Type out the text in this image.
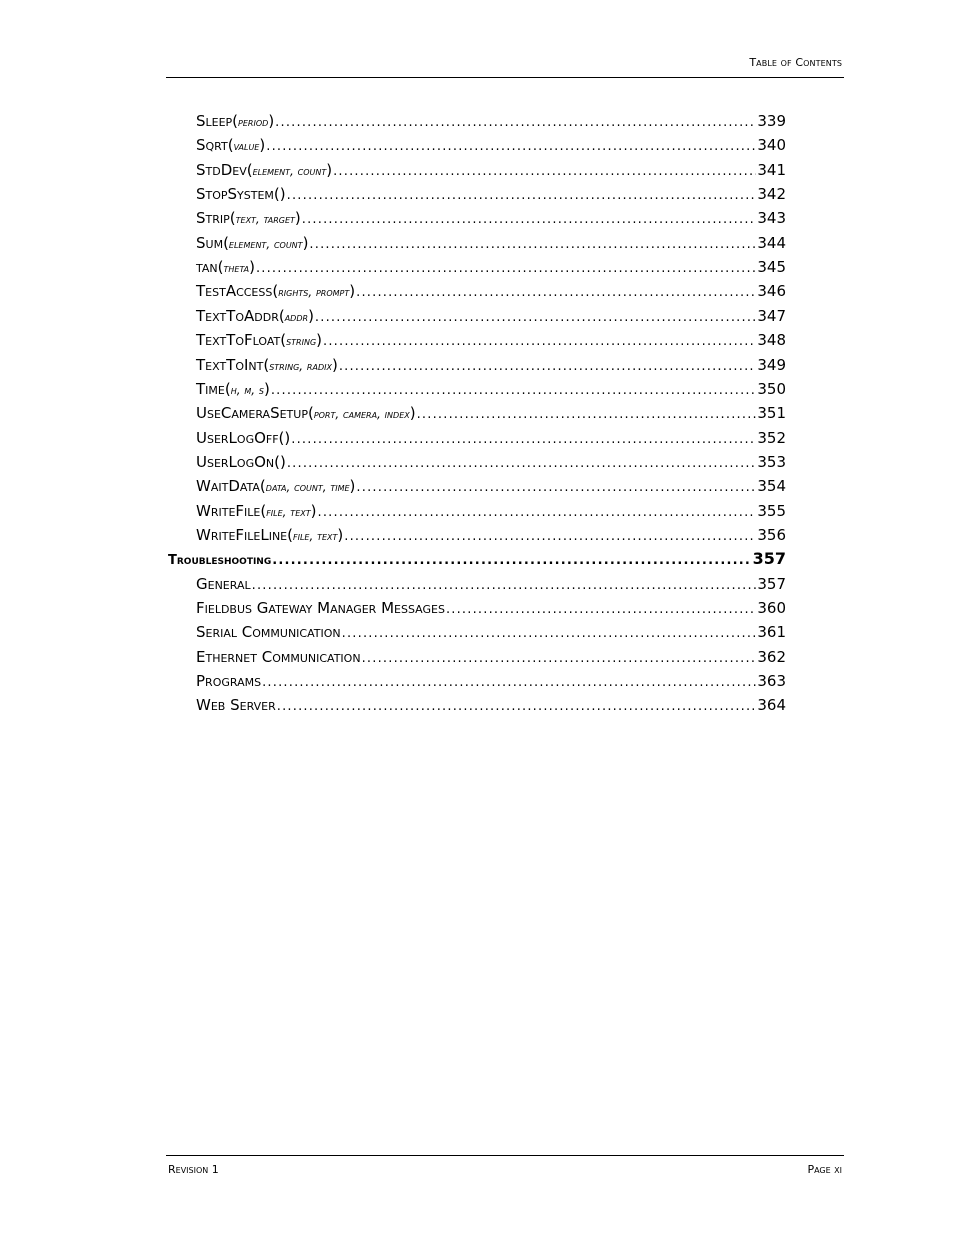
Table of Contents
Sleep(period) .....	339
Sqrt(value) .....	340
StdDev(element, count) .....	341
StopSystem() .....	342
Strip(text, target) .....	343
Sum(element, count) .....	344
tan(theta) .....	345
TestAccess(rights, prompt) .....	346
TextToAddr(addr) .....	347
TextToFloat(string) .....	348
TextToInt(string, radix) .....	349
Time(h, m, s) .....	350
UseCameraSetup(port, camera, index) .....	351
UserLogOff() .....	352
UserLogOn() .....	353
WaitData(data, count, time) .....	354
WriteFile(file, text) .....	355
WriteFileLine(file, text) .....	356
Troubleshooting .....	357
General .....	357
Fieldbus Gateway Manager Messages .....	360
Serial Communication .....	361
Ethernet Communication .....	362
Programs .....	363
Web Server .....	364
Revision 1	Page xi
